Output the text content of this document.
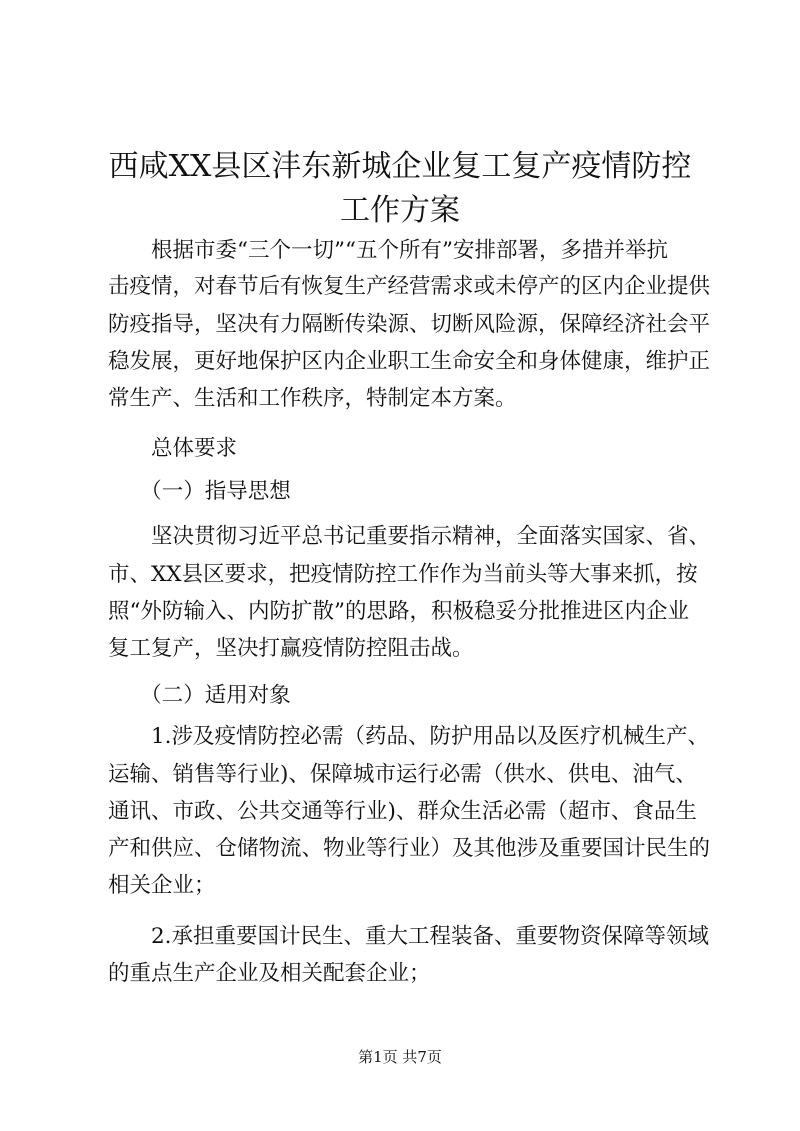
西咸XX县区沣东新城企业复工复产疫情防控
工作方案
　　根据市委“三个一切”“五个所有”安排部署，多措并举抗
击疫情，对春节后有恢复生产经营需求或未停产的区内企业提供
防疫指导，坚决有力隔断传染源、切断风险源，保障经济社会平
稳发展，更好地保护区内企业职工生命安全和身体健康，维护正
常生产、生活和工作秩序，特制定本方案。
　　总体要求
　　（一）指导思想
　　坚决贯彻习近平总书记重要指示精神，全面落实国家、省、
市、XX县区要求，把疫情防控工作作为当前头等大事来抓，按
照“外防输入、内防扩散”的思路，积极稳妥分批推进区内企业
复工复产，坚决打赢疫情防控阻击战。
　　（二）适用对象
　　1.涉及疫情防控必需（药品、防护用品以及医疗机械生产、
运输、销售等行业)、保障城市运行必需（供水、供电、油气、
通讯、市政、公共交通等行业)、群众生活必需（超市、食品生
产和供应、仓储物流、物业等行业）及其他涉及重要国计民生的
相关企业；
　　2.承担重要国计民生、重大工程装备、重要物资保障等领域
的重点生产企业及相关配套企业；
第1页 共7页
